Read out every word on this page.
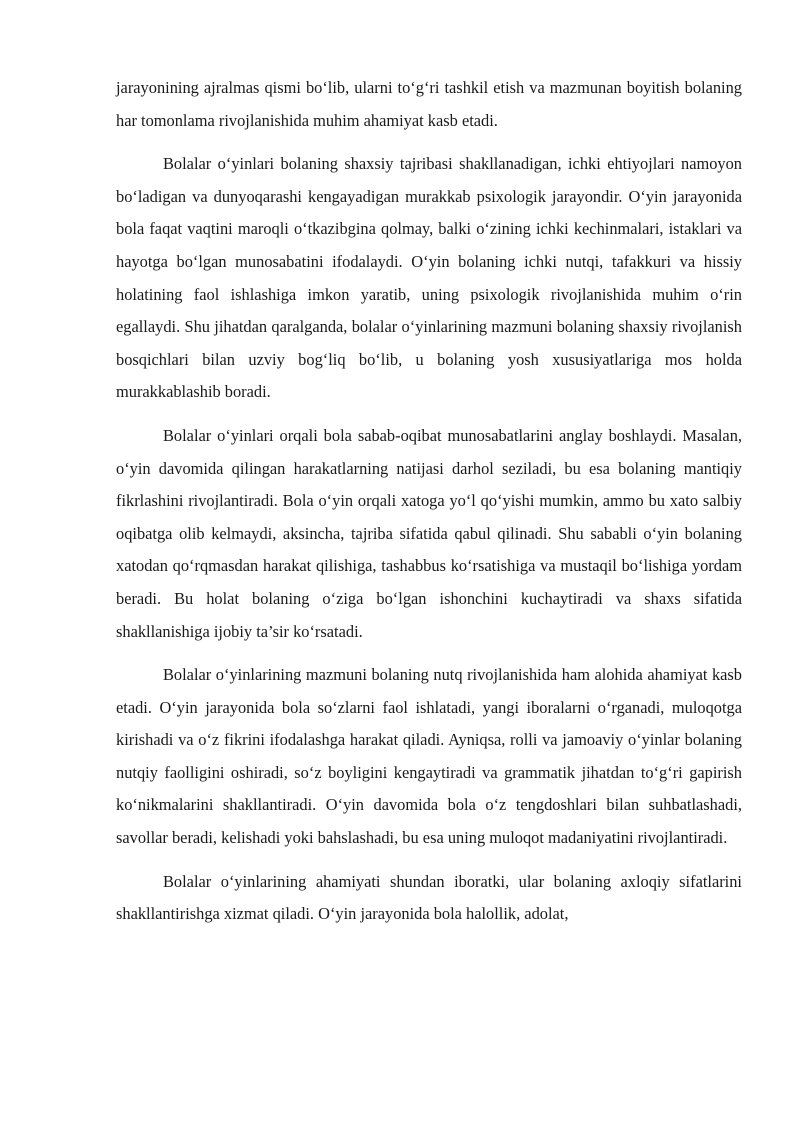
jarayonining ajralmas qismi bo‘lib, ularni to‘g‘ri tashkil etish va mazmunan boyitish bolaning har tomonlama rivojlanishida muhim ahamiyat kasb etadi.

Bolalar o‘yinlari bolaning shaxsiy tajribasi shakllanadigan, ichki ehtiyojlari namoyon bo‘ladigan va dunyoqarashi kengayadigan murakkab psixologik jarayondir. O‘yin jarayonida bola faqat vaqtini maroqli o‘tkazibgina qolmay, balki o‘zining ichki kechinmalari, istaklari va hayotga bo‘lgan munosabatini ifodalaydi. O‘yin bolaning ichki nutqi, tafakkuri va hissiy holatining faol ishlashiga imkon yaratib, uning psixologik rivojlanishida muhim o‘rin egallaydi. Shu jihatdan qaralganda, bolalar o‘yinlarining mazmuni bolaning shaxsiy rivojlanish bosqichlari bilan uzviy bog‘liq bo‘lib, u bolaning yosh xususiyatlariga mos holda murakkablashib boradi.

Bolalar o‘yinlari orqali bola sabab-oqibat munosabatlarini anglay boshlaydi. Masalan, o‘yin davomida qilingan harakatlarning natijasi darhol seziladi, bu esa bolaning mantiqiy fikrlashini rivojlantiradi. Bola o‘yin orqali xatoga yo‘l qo‘yishi mumkin, ammo bu xato salbiy oqibatga olib kelmaydi, aksincha, tajriba sifatida qabul qilinadi. Shu sababli o‘yin bolaning xatodan qo‘rqmasdan harakat qilishiga, tashabbus ko‘rsatishiga va mustaqil bo‘lishiga yordam beradi. Bu holat bolaning o‘ziga bo‘lgan ishonchini kuchaytiradi va shaxs sifatida shakllanishiga ijobiy ta’sir ko‘rsatadi.

Bolalar o‘yinlarining mazmuni bolaning nutq rivojlanishida ham alohida ahamiyat kasb etadi. O‘yin jarayonida bola so‘zlarni faol ishlatadi, yangi iboralarni o‘rganadi, muloqotga kirishadi va o‘z fikrini ifodalashga harakat qiladi. Ayniqsa, rolli va jamoaviy o‘yinlar bolaning nutqiy faolligini oshiradi, so‘z boyligini kengaytiradi va grammatik jihatdan to‘g‘ri gapirish ko‘nikmalarini shakllantiradi. O‘yin davomida bola o‘z tengdoshlari bilan suhbatlashadi, savollar beradi, kelishadi yoki bahslashadi, bu esa uning muloqot madaniyatini rivojlantiradi.

Bolalar o‘yinlarining ahamiyati shundan iboratki, ular bolaning axloqiy sifatlarini shakllantirishga xizmat qiladi. O‘yin jarayonida bola halollik, adolat,
